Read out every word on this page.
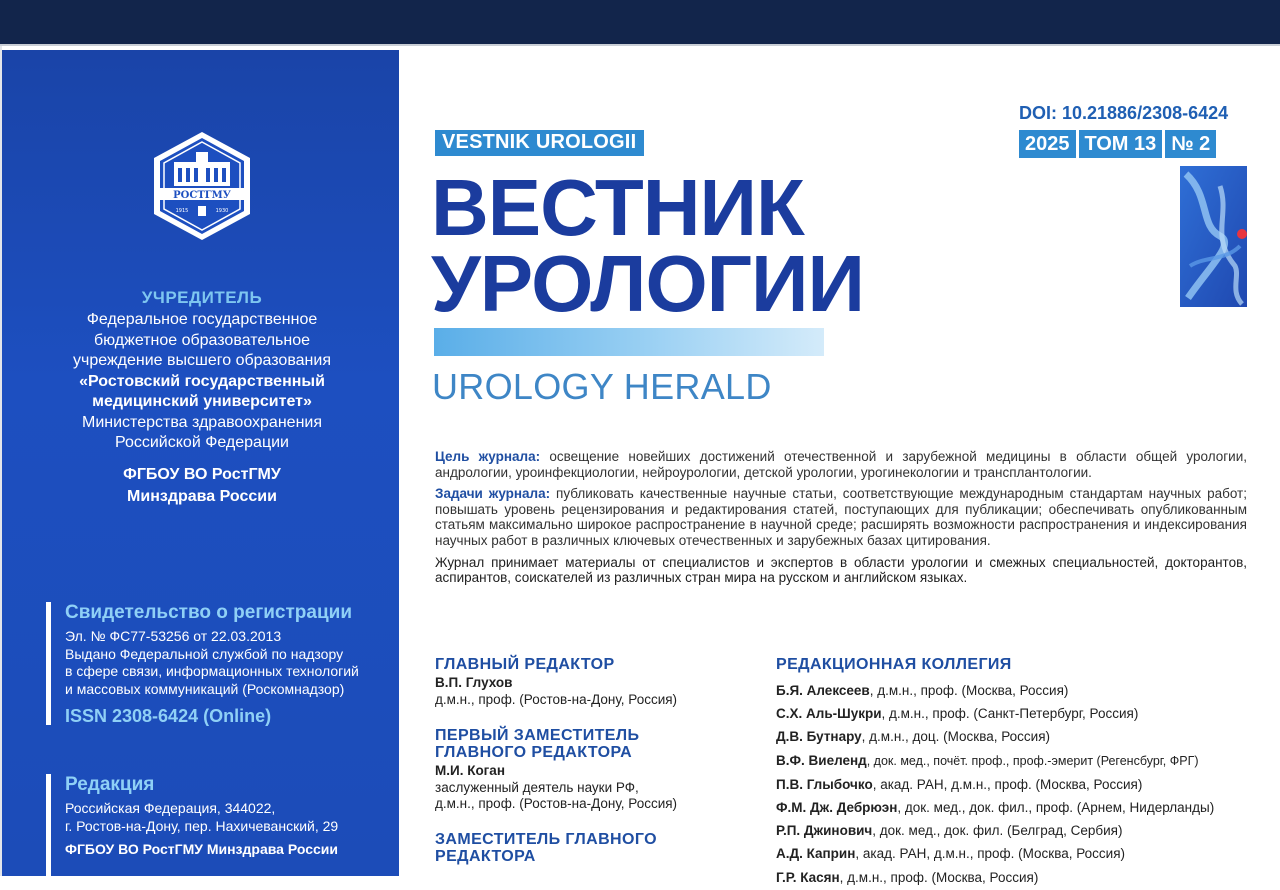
РОСТГМУ
1915	1930

УЧРЕДИТЕЛЬ

Федеральное государственное

бюджетное образовательное

учреждение высшего образования

«Ростовский государственный

медицинский университет»

Министерства здравоохранения

Российской Федерации

ФГБОУ ВО РостГМУ
Минздрава России

Свидетельство о регистрации

Эл. № ФС77-53256 от 22.03.2013

Выдано Федеральной службой по надзору

в сфере связи, информационных технологий

и массовых коммуникаций (Роскомнадзор)

ISSN 2308-6424 (Online)

Редакция

Российская Федерация, 344022,

г. Ростов-на-Дону, пер. Нахичеванский, 29

ФГБОУ ВО РостГМУ Минздрава России

Кафедра урологии и репродуктивного

VESTNIK UROLOGII
ВЕСТНИК
УРОЛОГИИ

UROLOGY HERALD

DOI: 10.21886/2308-6424
2025 ТОМ 13 № 2

Цель журнала: освещение новейших достижений отечественной и зарубежной медицины в области общей урологии, андрологии, уроинфекциологии, нейроурологии, детской урологии, урогинекологии и трансплантологии.

Задачи журнала: публиковать качественные научные статьи, соответствующие международным стандартам научных работ; повышать уровень рецензирования и редактирования статей, поступающих для публикации; обеспечивать опубликованным статьям максимально широкое распространение в научной среде; расширять возможности распространения и индексирования научных работ в различных ключевых отечественных и зарубежных базах цитирования.

Журнал принимает материалы от специалистов и экспертов в области урологии и смежных специальностей, докторантов, аспирантов, соискателей из различных стран мира на русском и английском языках.

ГЛАВНЫЙ РЕДАКТОР

В.П. Глухов

д.м.н., проф. (Ростов-на-Дону, Россия)

ПЕРВЫЙ ЗАМЕСТИТЕЛЬ

ГЛАВНОГО РЕДАКТОРА

М.И. Коган

заслуженный деятель науки РФ,

д.м.н., проф. (Ростов-на-Дону, Россия)

ЗАМЕСТИТЕЛЬ ГЛАВНОГО

РЕДАКТОРА

РЕДАКЦИОННАЯ КОЛЛЕГИЯ

Б.Я. Алексеев, д.м.н., проф. (Москва, Россия)
С.Х. Аль-Шукри, д.м.н., проф. (Санкт-Петербург, Россия)
Д.В. Бутнару, д.м.н., доц. (Москва, Россия)
В.Ф. Виеленд, док. мед., почёт. проф., проф.-эмерит (Регенсбург, ФРГ)
П.В. Глыбочко, акад. РАН, д.м.н., проф. (Москва, Россия)
Ф.М. Дж. Дебрюэн, док. мед., док. фил., проф. (Арнем, Нидерланды)
Р.П. Джинович, док. мед., док. фил. (Белград, Сербия)
А.Д. Каприн, акад. РАН, д.м.н., проф. (Москва, Россия)
Г.Р. Касян, д.м.н., проф. (Москва, Россия)
